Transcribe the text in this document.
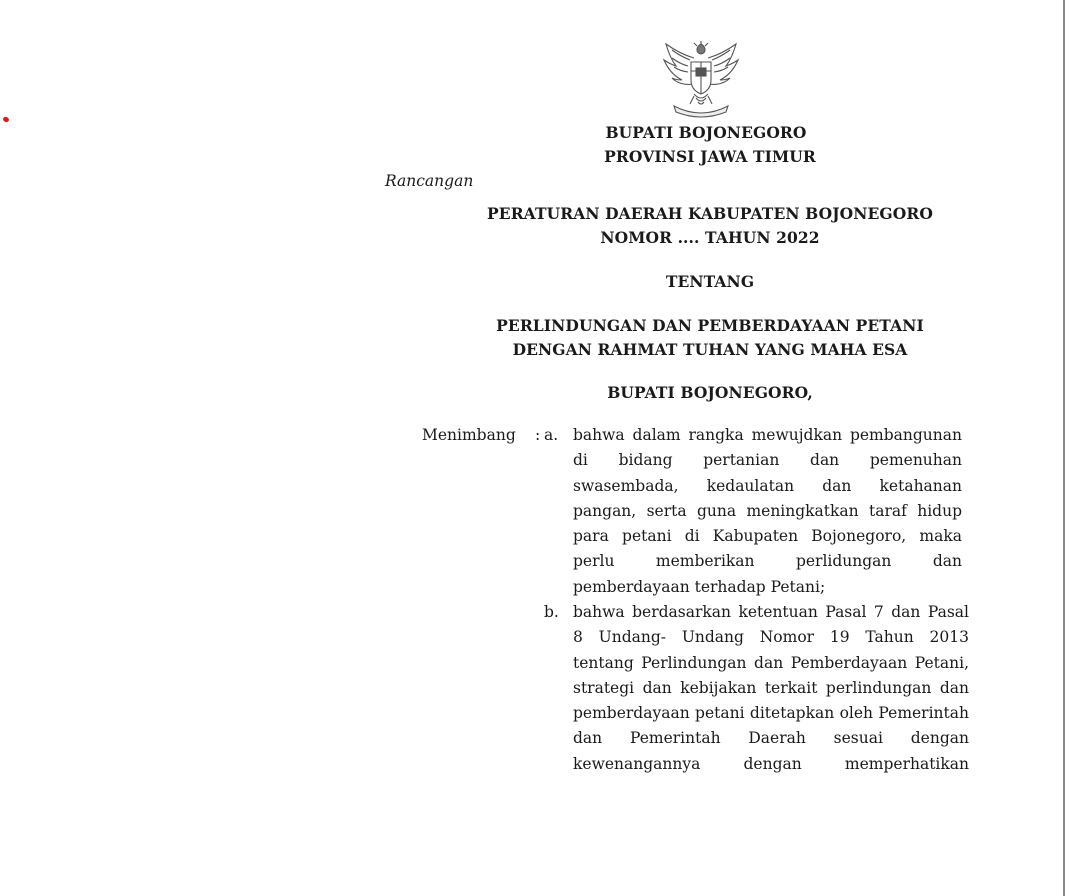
BUPATI BOJONEGORO
PROVINSI JAWA TIMUR
Rancangan
PERATURAN DAERAH KABUPATEN BOJONEGORO
NOMOR .... TAHUN 2022
TENTANG
PERLINDUNGAN DAN PEMBERDAYAAN PETANI
DENGAN RAHMAT TUHAN YANG MAHA ESA
BUPATI BOJONEGORO,
Menimbang : a. bahwa dalam rangka mewujdkan pembangunan
di bidang pertanian dan pemenuhan
swasembada, kedaulatan dan ketahanan
pangan, serta guna meningkatkan taraf hidup
para petani di Kabupaten Bojonegoro, maka
perlu memberikan perlidungan dan
pemberdayaan terhadap Petani;
b. bahwa berdasarkan ketentuan Pasal 7 dan Pasal
8 Undang- Undang Nomor 19 Tahun 2013
tentang Perlindungan dan Pemberdayaan Petani,
strategi dan kebijakan terkait perlindungan dan
pemberdayaan petani ditetapkan oleh Pemerintah
dan Pemerintah Daerah sesuai dengan
kewenangannya dengan memperhatikan
